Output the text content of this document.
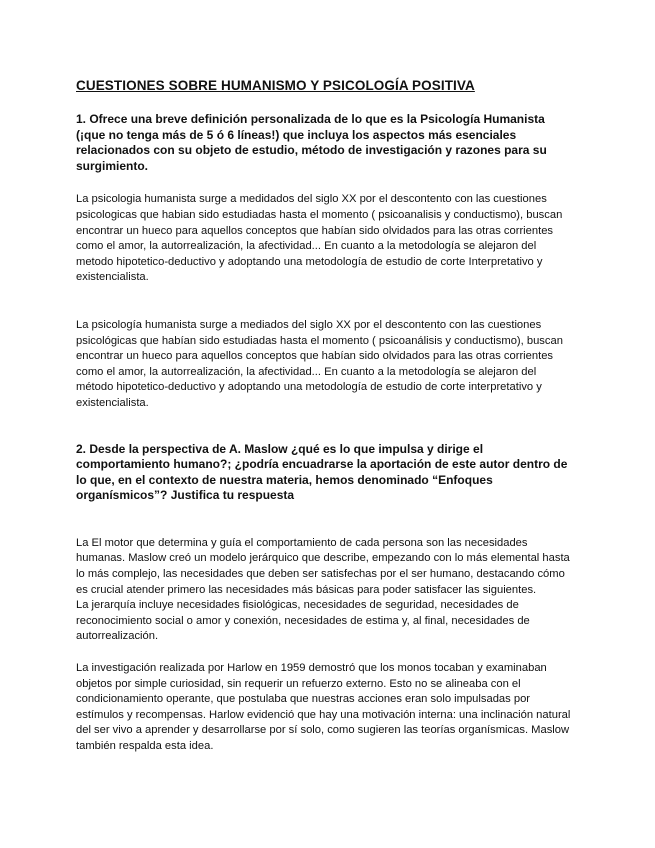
CUESTIONES SOBRE HUMANISMO Y PSICOLOGÍA POSITIVA

1. Ofrece una breve definición personalizada de lo que es la Psicología Humanista (¡que no tenga más de 5 ó 6 líneas!) que incluya los aspectos más esenciales relacionados con su objeto de estudio, método de investigación y razones para su surgimiento.

La psicologia humanista surge a medidados del siglo XX por el descontento con las cuestiones psicologicas que habian sido estudiadas hasta el momento ( psicoanalisis y conductismo), buscan encontrar un hueco para aquellos conceptos que habían sido olvidados para las otras corrientes como el amor, la autorrealización, la afectividad... En cuanto a la metodología se alejaron del metodo hipotetico-deductivo y adoptando una metodología de estudio de corte Interpretativo y existencialista.

La psicología humanista surge a mediados del siglo XX por el descontento con las cuestiones psicológicas que habían sido estudiadas hasta el momento ( psicoanálisis y conductismo), buscan encontrar un hueco para aquellos conceptos que habían sido olvidados para las otras corrientes como el amor, la autorrealización, la afectividad... En cuanto a la metodología se alejaron del método hipotetico-deductivo y adoptando una metodología de estudio de corte interpretativo y existencialista.

2. Desde la perspectiva de A. Maslow ¿qué es lo que impulsa y dirige el comportamiento humano?; ¿podría encuadrarse la aportación de este autor dentro de lo que, en el contexto de nuestra materia, hemos denominado “Enfoques organísmicos”? Justifica tu respuesta

La El motor que determina y guía el comportamiento de cada persona son las necesidades humanas. Maslow creó un modelo jerárquico que describe, empezando con lo más elemental hasta lo más complejo, las necesidades que deben ser satisfechas por el ser humano, destacando cómo es crucial atender primero las necesidades más básicas para poder satisfacer las siguientes.

La jerarquía incluye necesidades fisiológicas, necesidades de seguridad, necesidades de reconocimiento social o amor y conexión, necesidades de estima y, al final, necesidades de autorrealización.

La investigación realizada por Harlow en 1959 demostró que los monos tocaban y examinaban objetos por simple curiosidad, sin requerir un refuerzo externo. Esto no se alineaba con el condicionamiento operante, que postulaba que nuestras acciones eran solo impulsadas por estímulos y recompensas. Harlow evidenció que hay una motivación interna: una inclinación natural del ser vivo a aprender y desarrollarse por sí solo, como sugieren las teorías organísmicas. Maslow también respalda esta idea.
